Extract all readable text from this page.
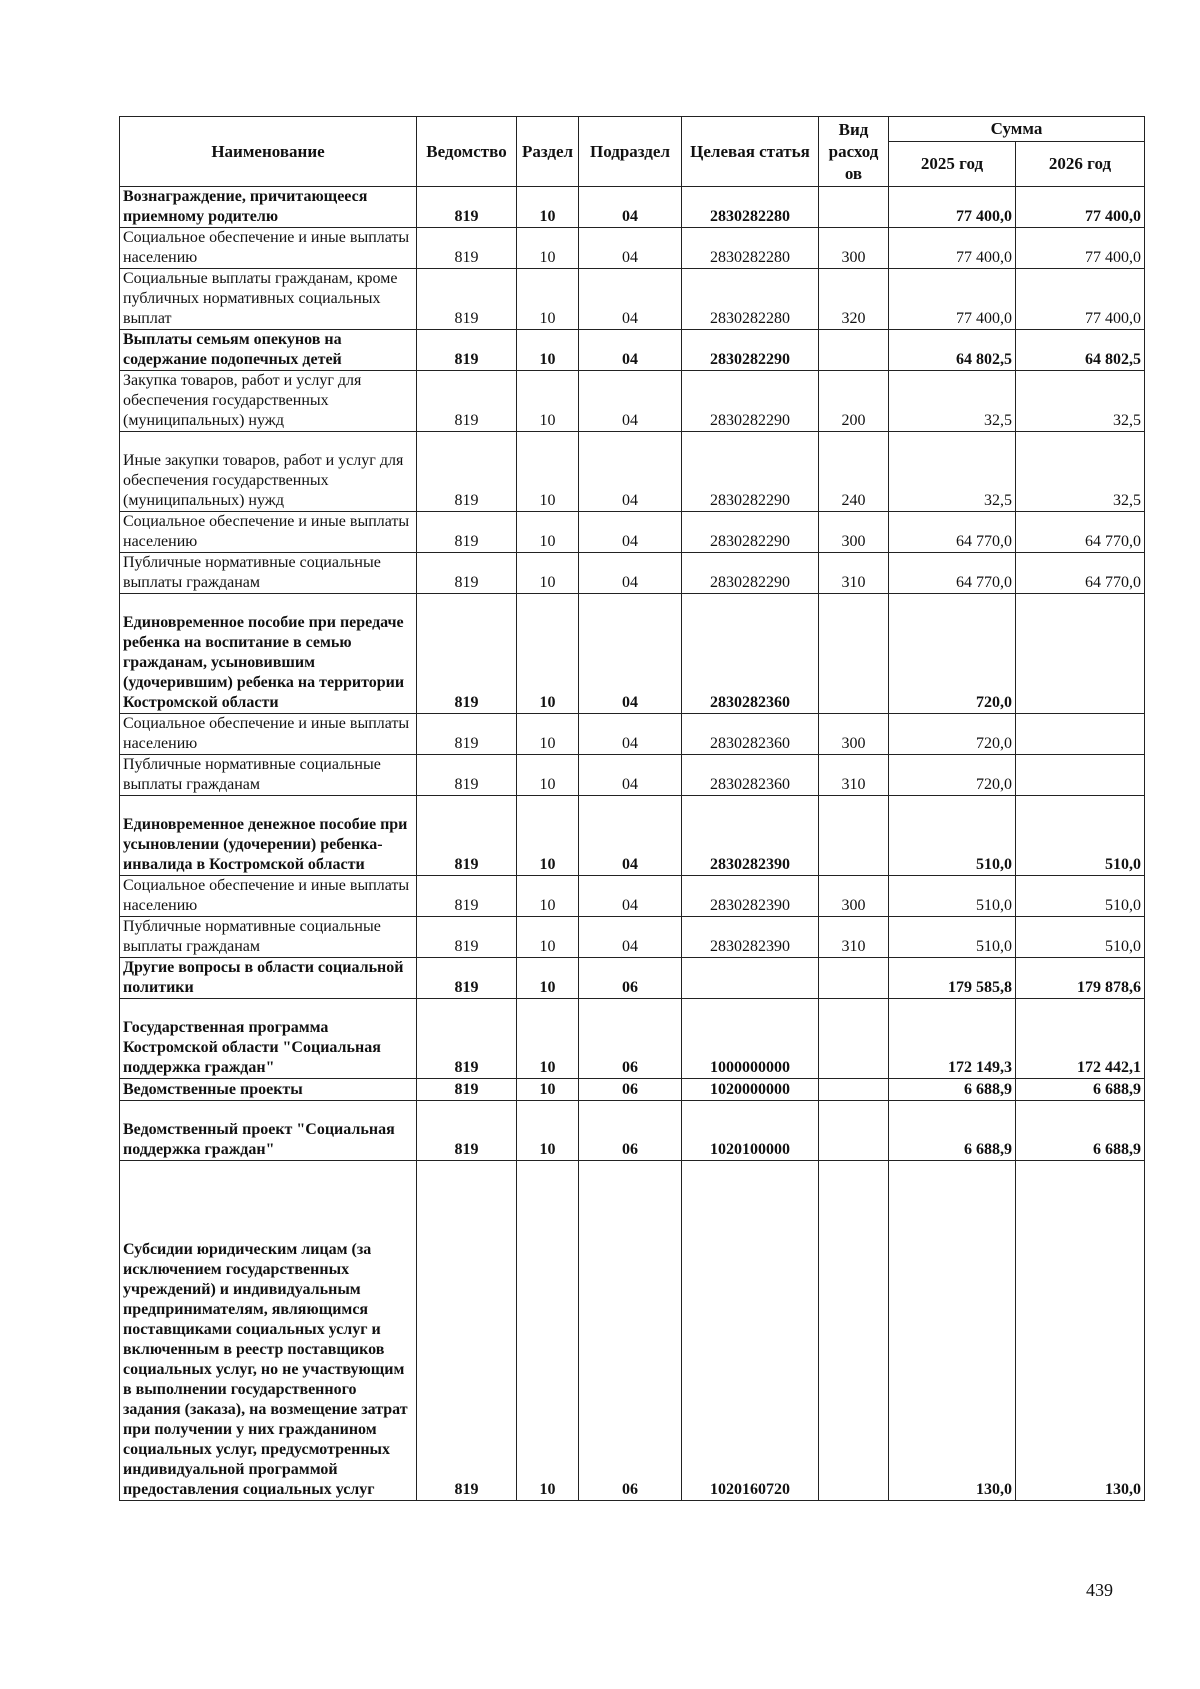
Наименование	Ведомство	Раздел	Подраздел	Целевая статья	Вид расход ов	Сумма	
						2025 год	2026 год
Вознаграждение, причитающееся приемному родителю	819	10	04	2830282280		77 400,0	77 400,0
Социальное обеспечение и иные выплаты населению	819	10	04	2830282280	300	77 400,0	77 400,0
Социальные выплаты гражданам, кроме публичных нормативных социальных выплат	819	10	04	2830282280	320	77 400,0	77 400,0
Выплаты семьям опекунов на содержание подопечных детей	819	10	04	2830282290		64 802,5	64 802,5
Закупка товаров, работ и услуг для обеспечения государственных (муниципальных) нужд	819	10	04	2830282290	200	32,5	32,5
Иные закупки товаров, работ и услуг для обеспечения государственных (муниципальных) нужд	819	10	04	2830282290	240	32,5	32,5
Социальное обеспечение и иные выплаты населению	819	10	04	2830282290	300	64 770,0	64 770,0
Публичные нормативные социальные выплаты гражданам	819	10	04	2830282290	310	64 770,0	64 770,0
Единовременное пособие при передаче ребенка на воспитание в семью гражданам, усыновившим (удочерившим) ребенка на территории Костромской области	819	10	04	2830282360		720,0	
Социальное обеспечение и иные выплаты населению	819	10	04	2830282360	300	720,0	
Публичные нормативные социальные выплаты гражданам	819	10	04	2830282360	310	720,0	
Единовременное денежное пособие при усыновлении (удочерении) ребенка-инвалида в Костромской области	819	10	04	2830282390		510,0	510,0
Социальное обеспечение и иные выплаты населению	819	10	04	2830282390	300	510,0	510,0
Публичные нормативные социальные выплаты гражданам	819	10	04	2830282390	310	510,0	510,0
Другие вопросы в области социальной политики	819	10	06			179 585,8	179 878,6
Государственная программа Костромской области "Социальная поддержка граждан"	819	10	06	1000000000		172 149,3	172 442,1
Ведомственные проекты	819	10	06	1020000000		6 688,9	6 688,9
Ведомственный проект "Социальная поддержка граждан"	819	10	06	1020100000		6 688,9	6 688,9
Субсидии юридическим лицам (за исключением государственных учреждений) и индивидуальным предпринимателям, являющимся поставщиками социальных услуг и включенным в реестр поставщиков социальных услуг, но не участвующим в выполнении государственного задания (заказа), на возмещение затрат при получении у них гражданином социальных услуг, предусмотренных индивидуальной программой предоставления социальных услуг	819	10	06	1020160720		130,0	130,0
439
